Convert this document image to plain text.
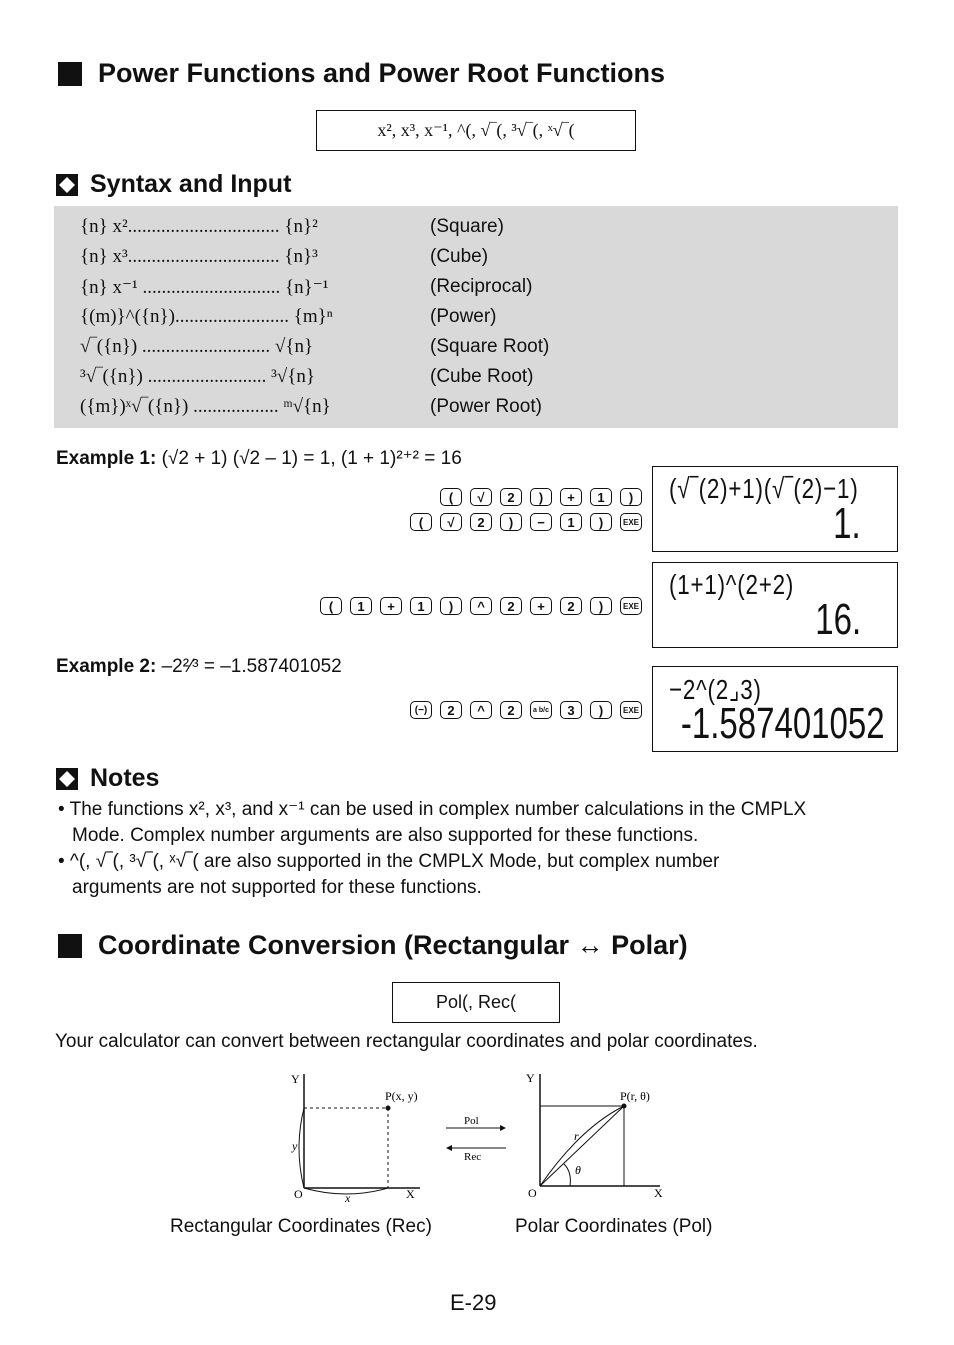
Power Functions and Power Root Functions
x², x³, x⁻¹, ^(, √‾(, ³√‾(, ˣ√‾(
Syntax and Input
{n} x²................................ {n}²	(Square)
{n} x³................................ {n}³	(Cube)
{n} x⁻¹ ............................. {n}⁻¹	(Reciprocal)
{(m)}^({n})........................ {m}ⁿ	(Power)
√‾({n}) ........................... √{n}	(Square Root)
³√‾({n}) ......................... ³√{n}	(Cube Root)
({m})ˣ√‾({n}) .................. ᵐ√{n}	(Power Root)
Example 1: (√2 + 1) (√2 – 1) = 1, (1 + 1)²⁺² = 16
(	√	2	)	+	1	)
(	√	2	)	−	1	)	EXE
(√‾(2)+1)(√‾(2)−1)
1.
(	1	+	1	)	^	2	+	2	)	EXE
(1+1)^(2+2)
16.
Example 2: –2²⁄³ = –1.587401052
(−)	2	^	2	a b/c	3	)	EXE
−2^(2⌟3)
-1.587401052
Notes
• The functions x², x³, and x⁻¹ can be used in complex number calculations in the CMPLX
Mode. Complex number arguments are also supported for these functions.
• ^(, √‾(, ³√‾(, ˣ√‾( are also supported in the CMPLX Mode, but complex number
arguments are not supported for these functions.
Coordinate Conversion (Rectangular ↔ Polar)
Pol(, Rec(
Your calculator can convert between rectangular coordinates and polar coordinates.
Y
X
O
P(x, y)
y
x
Pol
Rec
Y
X
O
P(r, θ)
r
θ
Rectangular Coordinates (Rec)	Polar Coordinates (Pol)
E-29
